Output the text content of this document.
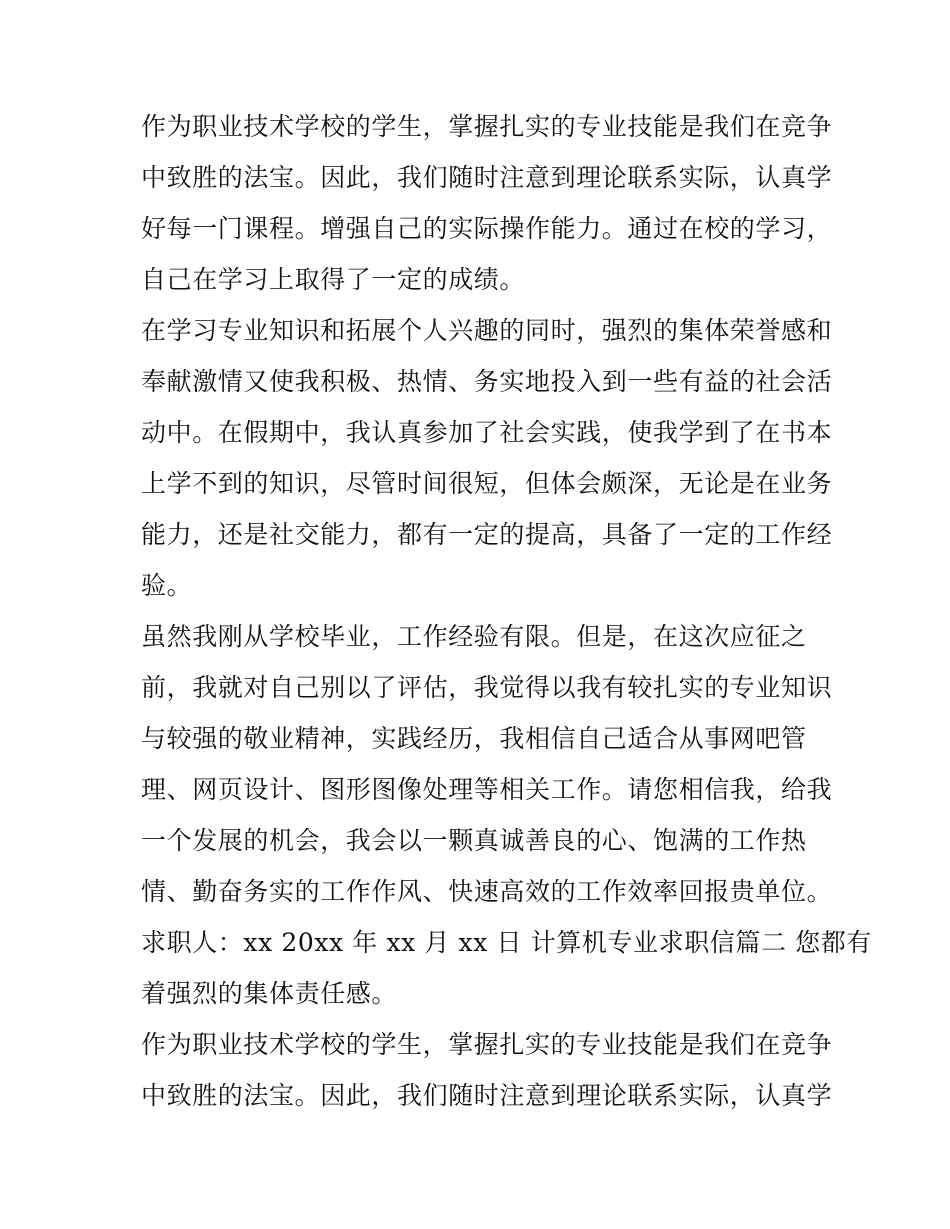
作为职业技术学校的学生，掌握扎实的专业技能是我们在竞争
中致胜的法宝。因此，我们随时注意到理论联系实际，认真学
好每一门课程。增强自己的实际操作能力。通过在校的学习，
自己在学习上取得了一定的成绩。
在学习专业知识和拓展个人兴趣的同时，强烈的集体荣誉感和
奉献激情又使我积极、热情、务实地投入到一些有益的社会活
动中。在假期中，我认真参加了社会实践，使我学到了在书本
上学不到的知识，尽管时间很短，但体会颇深，无论是在业务
能力，还是社交能力，都有一定的提高，具备了一定的工作经
验。
虽然我刚从学校毕业，工作经验有限。但是，在这次应征之
前，我就对自己别以了评估，我觉得以我有较扎实的专业知识
与较强的敬业精神，实践经历，我相信自己适合从事网吧管
理、网页设计、图形图像处理等相关工作。请您相信我，给我
一个发展的机会，我会以一颗真诚善良的心、饱满的工作热
情、勤奋务实的工作作风、快速高效的工作效率回报贵单位。
求职人：xx 20xx 年 xx 月 xx 日 计算机专业求职信篇二 您都有
着强烈的集体责任感。
作为职业技术学校的学生，掌握扎实的专业技能是我们在竞争
中致胜的法宝。因此，我们随时注意到理论联系实际，认真学
